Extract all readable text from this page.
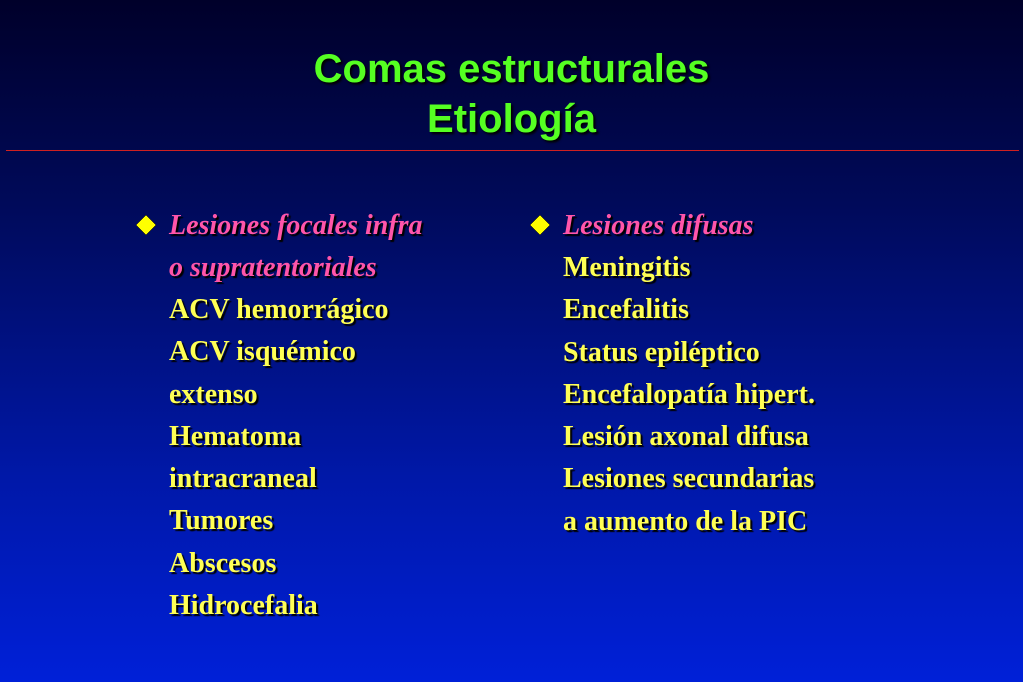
Comas estructurales
Etiología
Lesiones focales infra
o supratentoriales
ACV hemorrágico
ACV isquémico
extenso
Hematoma
intracraneal
Tumores
Abscesos
Hidrocefalia
Lesiones difusas
Meningitis
Encefalitis
Status epiléptico
Encefalopatía hipert.
Lesión axonal difusa
Lesiones secundarias
a aumento de la PIC
